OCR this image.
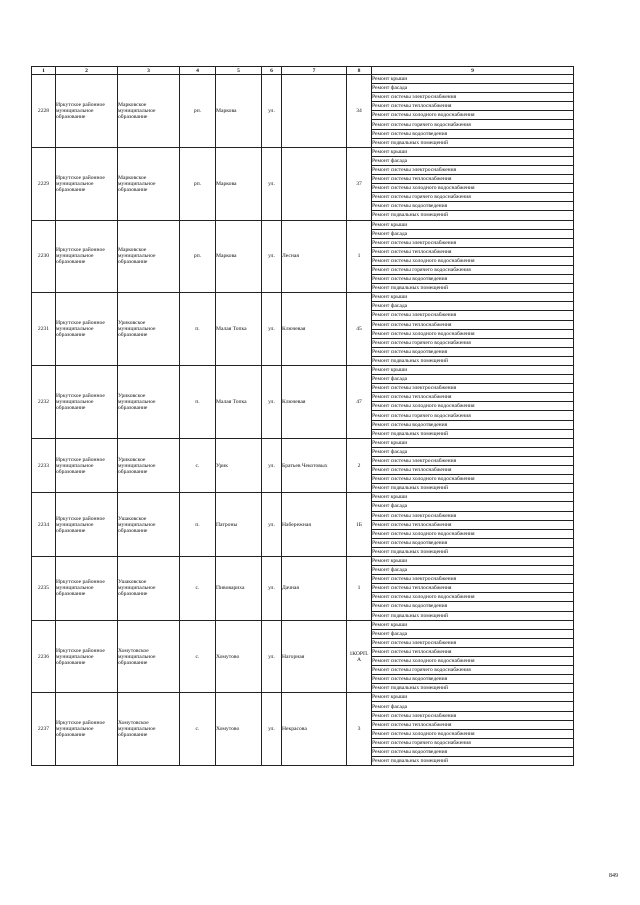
1	2	3	4	5	6	7	8	9
2228	Иркутское районное муниципальное образование	Марковское муниципальное образование	рп.	Маркова	ул.		34	Ремонт крыши
								Ремонт фасада
								Ремонт системы электроснабжения
								Ремонт системы теплоснабжения
								Ремонт системы холодного водоснабжения
								Ремонт системы горячего водоснабжения
								Ремонт системы водоотведения
								Ремонт подвальных помещений
2229	Иркутское районное муниципальное образование	Марковское муниципальное образование	рп.	Маркова	ул.		37	Ремонт крыши
								Ремонт фасада
								Ремонт системы электроснабжения
								Ремонт системы теплоснабжения
								Ремонт системы холодного водоснабжения
								Ремонт системы горячего водоснабжения
								Ремонт системы водоотведения
								Ремонт подвальных помещений
2230	Иркутское районное муниципальное образование	Марковское муниципальное образование	рп.	Маркова	ул.	Лесная	1	Ремонт крыши
								Ремонт фасада
								Ремонт системы электроснабжения
								Ремонт системы теплоснабжения
								Ремонт системы холодного водоснабжения
								Ремонт системы горячего водоснабжения
								Ремонт системы водоотведения
								Ремонт подвальных помещений
2231	Иркутское районное муниципальное образование	Уриковское муниципальное образование	п.	Малая Топка	ул.	Ключевая	45	Ремонт крыши
								Ремонт фасада
								Ремонт системы электроснабжения
								Ремонт системы теплоснабжения
								Ремонт системы холодного водоснабжения
								Ремонт системы горячего водоснабжения
								Ремонт системы водоотведения
								Ремонт подвальных помещений
2232	Иркутское районное муниципальное образование	Уриковское муниципальное образование	п.	Малая Топка	ул.	Ключевая	47	Ремонт крыши
								Ремонт фасада
								Ремонт системы электроснабжения
								Ремонт системы теплоснабжения
								Ремонт системы холодного водоснабжения
								Ремонт системы горячего водоснабжения
								Ремонт системы водоотведения
								Ремонт подвальных помещений
2233	Иркутское районное муниципальное образование	Уриковское муниципальное образование	с.	Урик	ул.	Братьев Чекотовых	2	Ремонт крыши
								Ремонт фасада
								Ремонт системы электроснабжения
								Ремонт системы теплоснабжения
								Ремонт системы холодного водоснабжения
								Ремонт подвальных помещений
2234	Иркутское районное муниципальное образование	Ушаковское муниципальное образование	п.	Патроны	ул.	Набережная	1Б	Ремонт крыши
								Ремонт фасада
								Ремонт системы электроснабжения
								Ремонт системы теплоснабжения
								Ремонт системы холодного водоснабжения
								Ремонт системы водоотведения
								Ремонт подвальных помещений
2235	Иркутское районное муниципальное образование	Ушаковское муниципальное образование	с.	Пивовариха	ул.	Дачная	1	Ремонт крыши
								Ремонт фасада
								Ремонт системы электроснабжения
								Ремонт системы теплоснабжения
								Ремонт системы холодного водоснабжения
								Ремонт системы водоотведения
								Ремонт подвальных помещений
2236	Иркутское районное муниципальное образование	Хомутовское муниципальное образование	с.	Хомутово	ул.	Нагорная	1КОРП. А	Ремонт крыши
								Ремонт фасада
								Ремонт системы электроснабжения
								Ремонт системы теплоснабжения
								Ремонт системы холодного водоснабжения
								Ремонт системы горячего водоснабжения
								Ремонт системы водоотведения
								Ремонт подвальных помещений
2237	Иркутское районное муниципальное образование	Хомутовское муниципальное образование	с.	Хомутово	ул.	Некрасова	3	Ремонт крыши
								Ремонт фасада
								Ремонт системы электроснабжения
								Ремонт системы теплоснабжения
								Ремонт системы холодного водоснабжения
								Ремонт системы горячего водоснабжения
								Ремонт системы водоотведения
								Ремонт подвальных помещений
849
